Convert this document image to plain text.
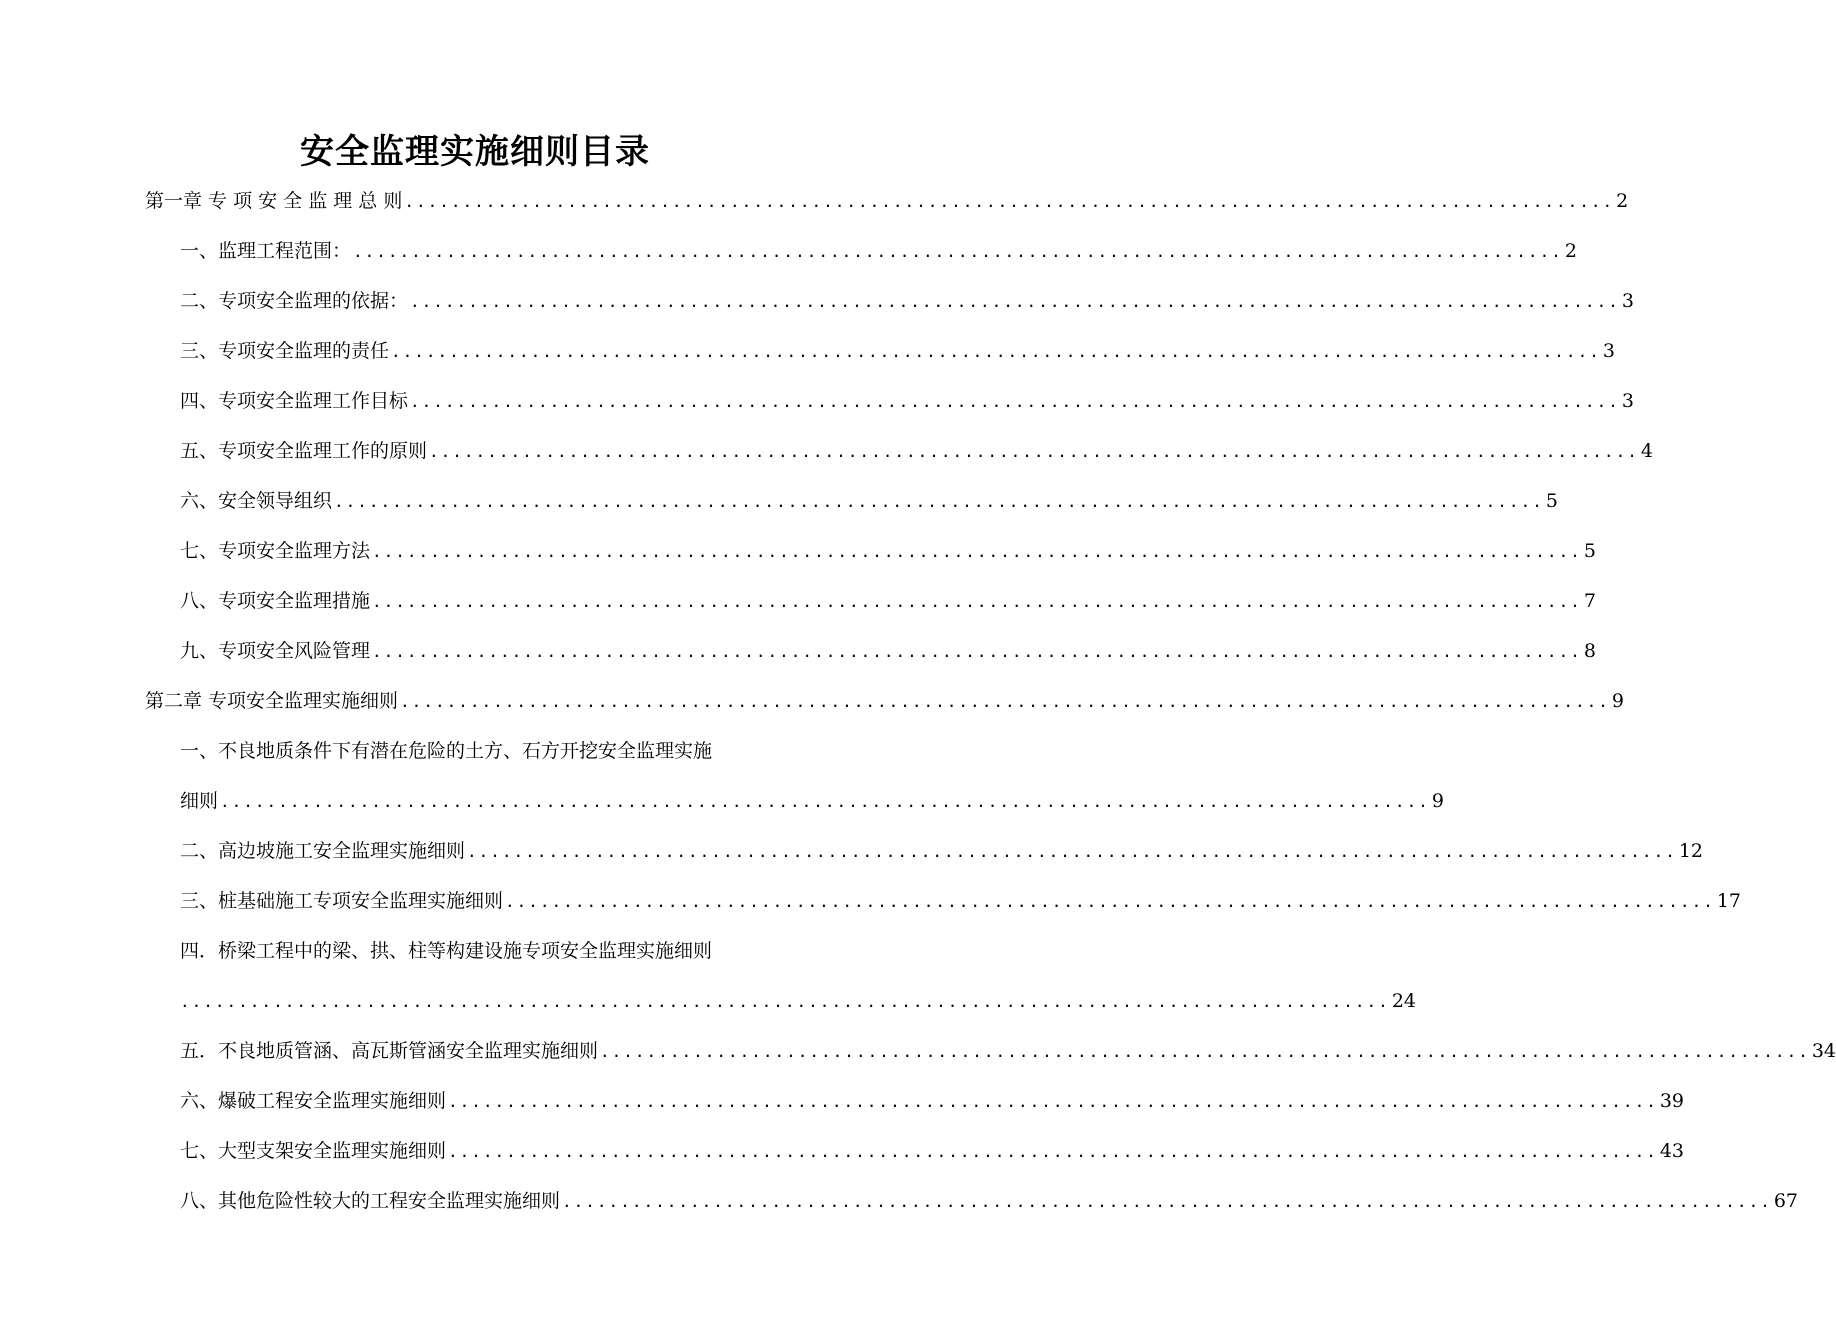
安全监理实施细则目录
第一章 专 项 安 全 监 理 总 则 ........................................................................................................ 2
一、监理工程范围： ........................................................................................................ 2
二、专项安全监理的依据： ........................................................................................................ 3
三、专项安全监理的责任 ........................................................................................................ 3
四、专项安全监理工作目标 ........................................................................................................ 3
五、专项安全监理工作的原则 ........................................................................................................ 4
六、安全领导组织 ........................................................................................................ 5
七、专项安全监理方法 ........................................................................................................ 5
八、专项安全监理措施 ........................................................................................................ 7
九、专项安全风险管理 ........................................................................................................ 8
第二章 专项安全监理实施细则 ........................................................................................................ 9
一、不良地质条件下有潜在危险的土方、石方开挖安全监理实施
细则 ........................................................................................................ 9
二、高边坡施工安全监理实施细则 ........................................................................................................ 12
三、桩基础施工专项安全监理实施细则 ........................................................................................................ 17
四．桥梁工程中的梁、拱、柱等构建设施专项安全监理实施细则
........................................................................................................ 24
五．不良地质管涵、高瓦斯管涵安全监理实施细则 ........................................................................................................ 34
六、爆破工程安全监理实施细则 ........................................................................................................ 39
七、大型支架安全监理实施细则 ........................................................................................................ 43
八、其他危险性较大的工程安全监理实施细则 ........................................................................................................ 67
